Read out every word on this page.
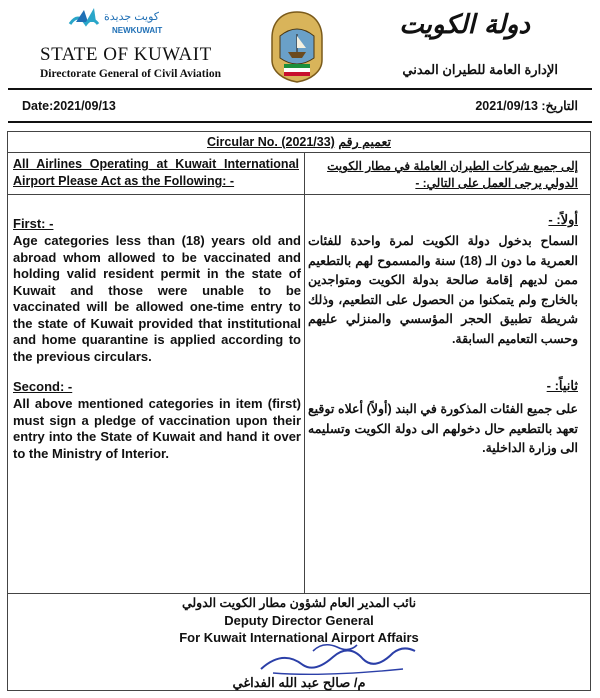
كويت جديدة
NEWKUWAIT
STATE OF KUWAIT
Directorate General of Civil Aviation
دولة الكويت
الإدارة العامة للطيران المدني
Date:2021/09/13	التاريخ: 2021/09/13
Circular No. (2021/33) تعميم رقم
All Airlines Operating at Kuwait International Airport Please Act as the Following: -
إلى جميع شركات الطيران العاملة في مطار الكويت الدولي يرجى العمل على التالي: -
First: -

Age categories less than (18) years old and abroad whom allowed to be vaccinated and holding valid resident permit in the state of Kuwait and those were unable to be vaccinated will be allowed one-time entry to the state of Kuwait provided that institutional and home quarantine is applied according to the previous circulars.

Second: -

All above mentioned categories in item (first) must sign a pledge of vaccination upon their entry into the State of Kuwait and hand it over to the Ministry of Interior.

أولاً: -

السماح بدخول دولة الكويت لمرة واحدة للفئات العمرية ما دون الـ (18) سنة والمسموح لهم بالتطعيم ممن لديهم إقامة صالحة بدولة الكويت ومتواجدين بالخارج ولم يتمكنوا من الحصول على التطعيم، وذلك شريطة تطبيق الحجر المؤسسي والمنزلي عليهم وحسب التعاميم السابقة.

ثانياً: -

على جميع الفئات المذكورة في البند (أولاً) أعلاه توقيع تعهد بالتطعيم حال دخولهم الى دولة الكويت وتسليمه الى وزارة الداخلية.

نائب المدير العام لشؤون مطار الكويت الدولي
Deputy Director General
For Kuwait International Airport Affairs
م/ صالح عبد الله الفداغي
